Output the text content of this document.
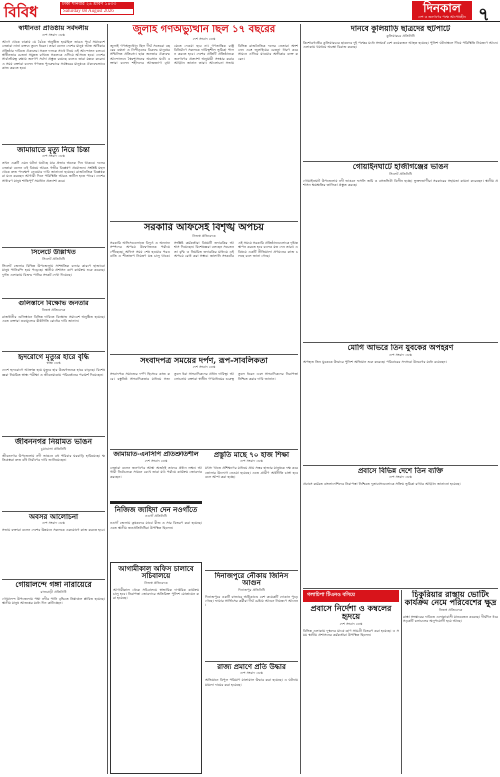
বিবিধ	ঢাকা শনিবার ২৪ শ্রাবণ ১৪৩৩
Saturday 08 August 2026	দিনকাল
দেশ ও জনগণের পক্ষে আপোষহীন ৭
স্বাধীনতা প্রতিষ্ঠায় সর্বদলীয়
দেশ সংবাদ ডেস্ক
আগে থেকে ঢাকায় যে বৈঠক অনুষ্ঠিত হয়েছিল তারও পূর্বে সমাবেশে নেতারা নানা বক্তব্য তুলে ধরেন। তারা বলেন দেশের মানুষ আজ অধিকার প্রতিষ্ঠার দাবিতে ঐক্যবদ্ধ। সকল দলকে সাথে নিয়ে এই আন্দোলন চলবে। স্বাধীনতার চেতনা সমুন্নত রাখতে সকলকে এগিয়ে আসতে হবে। দেশের সার্বভৌমত্ব রক্ষায় জনগণ সর্বদা প্রস্তুত রয়েছে বলেও তারা মন্তব্য করেন। এ সময় বক্তারা বলেন গণতন্ত্র পুনরুদ্ধারে সর্বস্তরের মানুষকে ঐক্যবদ্ধভাবে কাজ করতে হবে।
জামায়াতে মৃত্যু নিয়ে চিন্তা
দেশ সংবাদ ডেস্ক
তখন একটি এমন ঘটনা ঘটেছে যার প্রভাব অনেক দিন থাকবে। দলের নেতারা বলেন এই বিষয়ে আরও গভীর বিশ্লেষণ প্রয়োজন। সংশ্লিষ্ট মহল থেকে দ্রুত পদক্ষেপ নেওয়ার দাবি জানানো হয়েছে। রাজনৈতিক বিশ্লেষকরা মনে করছেন আগামী দিনে পরিস্থিতি আরও জটিল হতে পারে। দেশের সাধারণ মানুষ শান্তিপূর্ণ সমাধান প্রত্যাশা করে।
সিলেটে উল্লিখিত
সিলেট প্রতিনিধি
সিলেট জেলার বিভিন্ন উপজেলায় সাম্প্রতিক বন্যার কারণে হাজারো মানুষ পানিবন্দি হয়ে পড়েছে। স্থানীয় প্রশাসন ত্রাণ কার্যক্রম শুরু করেছে। দুর্গত এলাকায় বিশুদ্ধ পানির সংকট দেখা দিয়েছে।
গুলিস্তানে বিক্ষোভ জনতার
নিজস্ব প্রতিবেদক
রাজধানীর গুলিস্তানে বিভিন্ন দাবিতে বিক্ষোভ সমাবেশ অনুষ্ঠিত হয়েছে। এতে বক্তারা দ্রব্যমূল্যের ঊর্ধ্বগতি রোধের দাবি জানান।
হৃদরোগে মৃত্যুর হারে বৃদ্ধি
স্বাস্থ্য ডেস্ক
দেশে হৃদরোগে আক্রান্ত হয়ে মৃত্যুর হার উদ্বেগজনক হারে বাড়ছে। বিশেষজ্ঞরা নিয়মিত স্বাস্থ্য পরীক্ষা ও জীবনযাত্রায় পরিবর্তনের পরামর্শ দিয়েছেন।
জীবননগর নিয়ামত ভাঙন
চুয়াডাঙ্গা প্রতিনিধি
জীবননগর উপজেলায় নদী ভাঙনে বহু পরিবার ঘরবাড়ি হারিয়েছে। ক্ষতিগ্রস্তরা দ্রুত বাঁধ নির্মাণের দাবি জানিয়েছেন।
অবসর আলোচনা
দেশ সংবাদ ডেস্ক
সভায় বক্তারা বলেন দেশের উন্নয়নে সকলকে একযোগে কাজ করতে হবে।
গোয়ালন্দে গঙ্গা নারায়েরে
রাজবাড়ী প্রতিনিধি
গোয়ালন্দ উপজেলায় পদ্মা নদীর পানি বৃদ্ধিতে নিম্নাঞ্চল প্লাবিত হয়েছে। স্থানীয় মানুষ আতঙ্কের মধ্যে দিন কাটাচ্ছেন।
জুলাই গণঅভ্যুত্থান ছিল ১৭ বছরের
দেশ সংবাদ ডেস্ক
জুলাই গণঅভ্যুত্থান ছিল দীর্ঘ সতেরো বছরের বঞ্চনা ও নিপীড়নের বিরুদ্ধে মানুষের সম্মিলিত প্রতিবাদ। ছাত্র জনতার ঐক্যবদ্ধ আন্দোলনে স্বৈরশাসনের অবসান ঘটে। বক্তারা বলেন শহীদদের আত্মত্যাগ বৃথা যেতে দেওয়া হবে না। গণতান্ত্রিক রাষ্ট্র বিনির্মাণে সকলকে দায়িত্বশীল ভূমিকা পালন করতে হবে। দেশের প্রতিটি প্রতিষ্ঠানকে জনগণের প্রত্যাশা অনুযায়ী সংস্কার করার আহ্বান জানান তারা। আলোচনা সভায় বিভিন্ন রাজনৈতিক দলের নেতারা অংশ নেন এবং জুলাইয়ের চেতনা ধারণ করে সামনে এগিয়ে যাওয়ার অঙ্গীকার ব্যক্ত করেন।
সরকারি অফিসেই বিশৃঙ্খ অপচয়
নিজস্ব প্রতিবেদক
সরকারি অফিসগুলোতে বিদ্যুৎ ও অন্যান্য সম্পদের অপচয় উদ্বেগজনক পর্যায়ে পৌঁছেছে। অফিস সময় শেষ হওয়ার পরও বাতি ও শীতাতপ নিয়ন্ত্রণ যন্ত্র চালু থাকে। সংশ্লিষ্ট কর্মকর্তারা বিষয়টি তদারকির আশ্বাস দিয়েছেন। বিশেষজ্ঞরা বলছেন সচেতনতা বৃদ্ধি ও নিয়মিত তদারকির মাধ্যমে এই অপচয় রোধ করা সম্ভব। জ্বালানি সংকটের এই সময়ে সরকারি প্রতিষ্ঠানগুলোকে দৃষ্টান্ত স্থাপন করতে হবে বলেও মত দেন তারা। এ বিষয়ে একটি নীতিমালা প্রণয়নের কাজ চলছে বলে জানা গেছে।
সংবাদপত্র সময়ের দর্পণ, রূপ-সাবলিকতা
দেশ সংবাদ ডেস্ক
সংবাদপত্র সমাজের দর্পণ হিসেবে কাজ করে। বস্তুনিষ্ঠ সাংবাদিকতার মাধ্যমে সত্য তুলে ধরা সাংবাদিকদের প্রধান দায়িত্ব। আলোচনায় বক্তারা স্বাধীন গণমাধ্যমের গুরুত্ব তুলে ধরেন এবং সাংবাদিকদের নিরাপত্তা নিশ্চিত করার দাবি জানান।
জামায়াত-এনসিপি প্রতিশ্রুতিশীল
দেশ সংবাদ ডেস্ক
নেতারা বলেন জনগণের আস্থা অর্জনই তাদের প্রধান লক্ষ্য। আগামী নির্বাচনকে সামনে রেখে তারা মাঠ পর্যায়ে কার্যক্রম জোরদার করছেন।
নিজিজ জাহিদা দেন নওগাঁতে
নওগাঁ প্রতিনিধি
নওগাঁ জেলায় কৃষকদের মাঝে বীজ ও সার বিতরণ করা হয়েছে। এতে স্থানীয় জনপ্রতিনিধিরা উপস্থিত ছিলেন।
আগামীকাল অফিস চালাবে সচিবালয়ে
নিজস্ব প্রতিবেদক
আগামীকাল থেকে সচিবালয়ে স্বাভাবিক দাপ্তরিক কার্যক্রম চালু হবে। নিরাপত্তা জোরদারে অতিরিক্ত পুলিশ মোতায়েন করা হয়েছে।
প্রস্তুতি মাছে ৭০ হাজ শিক্ষা
দেশ সংবাদ ডেস্ক
মৎস্য খাতে প্রশিক্ষণের মাধ্যমে প্রায় সত্তর হাজার মানুষকে দক্ষ করে তোলার উদ্যোগ নেওয়া হয়েছে। এতে গ্রামীণ অর্থনীতি চাঙ্গা হবে বলে আশা করা হচ্ছে।
দিনাজপুরে নৌকায় জিনিস আগুন
দিনাজপুর প্রতিনিধি
দিনাজপুরে একটি বাজারে অগ্নিকাণ্ডে বেশ কয়েকটি দোকান পুড়ে গেছে। ফায়ার সার্ভিসের কর্মীরা দীর্ঘ চেষ্টায় আগুন নিয়ন্ত্রণে আনেন।
রাজ্য প্রমাণে প্রতি উদ্ধার
দেশ সংবাদ ডেস্ক
অভিযানে বিপুল পরিমাণ মালামাল উদ্ধার করা হয়েছে। এ ঘটনায় মামলা দায়ের করা হয়েছে।
দানবে কুলিয়াড়ি ছাত্রদের হুটপাটে
কুলিয়ারচর প্রতিনিধি
কিশোরগঞ্জের কুলিয়ারচরে ছাত্রদের দুই পক্ষের মধ্যে সংঘর্ষে বেশ কয়েকজন আহত হয়েছে। পুলিশ ঘটনাস্থলে গিয়ে পরিস্থিতি নিয়ন্ত্রণে আনে। এলাকায় থমথমে অবস্থা বিরাজ করছে।
গোয়াইনঘাটে হাজীগঞ্জের ভাঙন
সিলেট প্রতিনিধি
গোয়াইনঘাট উপজেলায় নদী ভাঙনে ফসলি জমি ও বসতভিটা বিলীন হচ্ছে। ভুক্তভোগীরা সরকারের সহায়তা কামনা করেছেন। স্থানীয় প্রশাসন ক্ষয়ক্ষতির তালিকা প্রস্তুত করছে।
মোগি আভরে তিন যুবকের অপহরণ
দেশ সংবাদ ডেস্ক
অপহৃত তিন যুবককে উদ্ধারে পুলিশ অভিযান শুরু করেছে। পরিবারের সদস্যরা উদ্বেগের মধ্যে রয়েছেন।
প্রবাসে বিভিন্ন দেশে তিন ব্যক্তি
দেশ সংবাদ ডেস্ক
প্রবাসে কর্মরত বাংলাদেশিদের নিরাপত্তা নিশ্চিতে দূতাবাসগুলোকে সক্রিয় ভূমিকা রাখার আহ্বান জানানো হয়েছে।
গলাচিপা টিএনও বসিয়ে
প্রবাসে নির্দেশা ও কম্বলের হৃদয়ে
দেশ সংবাদ ডেস্ক
বিভিন্ন এলাকায় দুস্থদের মাঝে ত্রাণ সামগ্রী বিতরণ করা হয়েছে। এ সময় স্থানীয় প্রশাসনের কর্মকর্তারা উপস্থিত ছিলেন।
চিকুরিয়ার রাস্তায় ভোটিং কার্যক্রম নেমে পরিবেশের ক্ষুদ্র
নিজস্ব প্রতিবেদক
রাস্তা সংস্কারের দাবিতে এলাকাবাসী মানববন্ধন করেছে। দীর্ঘদিন ধরে সড়কটি চলাচলের অনুপযোগী হয়ে আছে।
